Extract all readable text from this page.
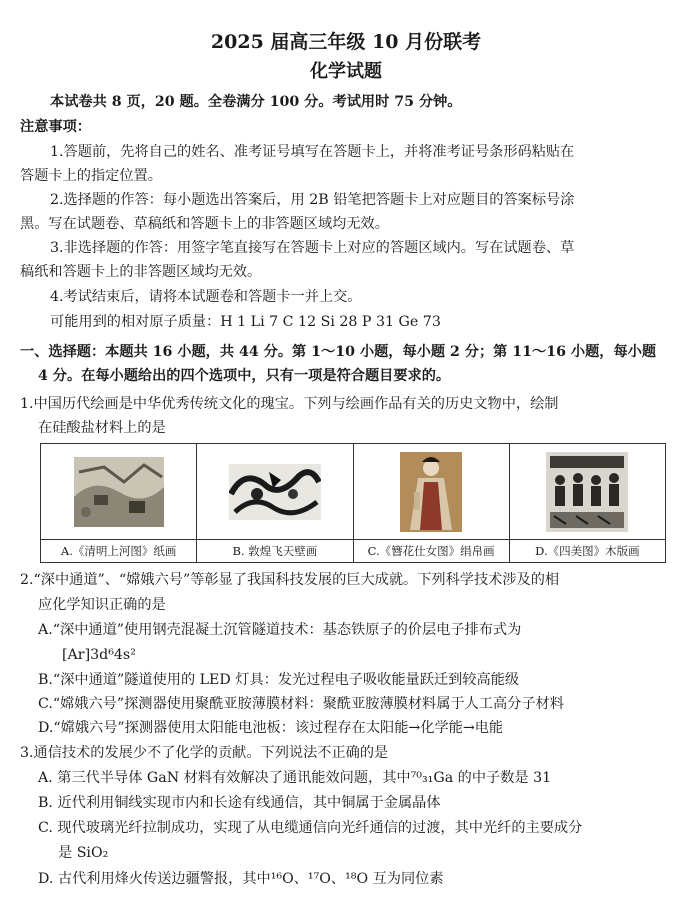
2025 届高三年级 10 月份联考
化学试题
本试卷共 8 页，20 题。全卷满分 100 分。考试用时 75 分钟。
注意事项：
1.答题前，先将自己的姓名、准考证号填写在答题卡上，并将准考证号条形码粘贴在
答题卡上的指定位置。
2.选择题的作答：每小题选出答案后，用 2B 铅笔把答题卡上对应题目的答案标号涂
黑。写在试题卷、草稿纸和答题卡上的非答题区域均无效。
3.非选择题的作答：用签字笔直接写在答题卡上对应的答题区域内。写在试题卷、草
稿纸和答题卡上的非答题区域均无效。
4.考试结束后，请将本试题卷和答题卡一并上交。
可能用到的相对原子质量：H 1 Li 7 C 12 Si 28 P 31 Ge 73
一、选择题：本题共 16 小题，共 44 分。第 1～10 小题，每小题 2 分；第 11～16 小题，每小题
4 分。在每小题给出的四个选项中，只有一项是符合题目要求的。
1.中国历代绘画是中华优秀传统文化的瑰宝。下列与绘画作品有关的历史文物中，绘制
在硅酸盐材料上的是

A.《清明上河图》纸画	B. 敦煌飞天壁画	C.《簪花仕女图》绢帛画	D.《四美图》木版画
2.“深中通道”、“嫦娥六号”等彰显了我国科技发展的巨大成就。下列科学技术涉及的相
应化学知识正确的是
A.“深中通道”使用钢壳混凝土沉管隧道技术：基态铁原子的价层电子排布式为
[Ar]3d⁶4s²
B.“深中通道”隧道使用的 LED 灯具：发光过程电子吸收能量跃迁到较高能级
C.“嫦娥六号”探测器使用聚酰亚胺薄膜材料：聚酰亚胺薄膜材料属于人工高分子材料
D.“嫦娥六号”探测器使用太阳能电池板：该过程存在太阳能→化学能→电能
3.通信技术的发展少不了化学的贡献。下列说法不正确的是
A. 第三代半导体 GaN 材料有效解决了通讯能效问题，其中⁷⁰₃₁Ga 的中子数是 31
B. 近代利用铜线实现市内和长途有线通信，其中铜属于金属晶体
C. 现代玻璃光纤拉制成功，实现了从电缆通信向光纤通信的过渡，其中光纤的主要成分
是 SiO₂
D. 古代利用烽火传送边疆警报，其中¹⁶O、¹⁷O、¹⁸O 互为同位素
